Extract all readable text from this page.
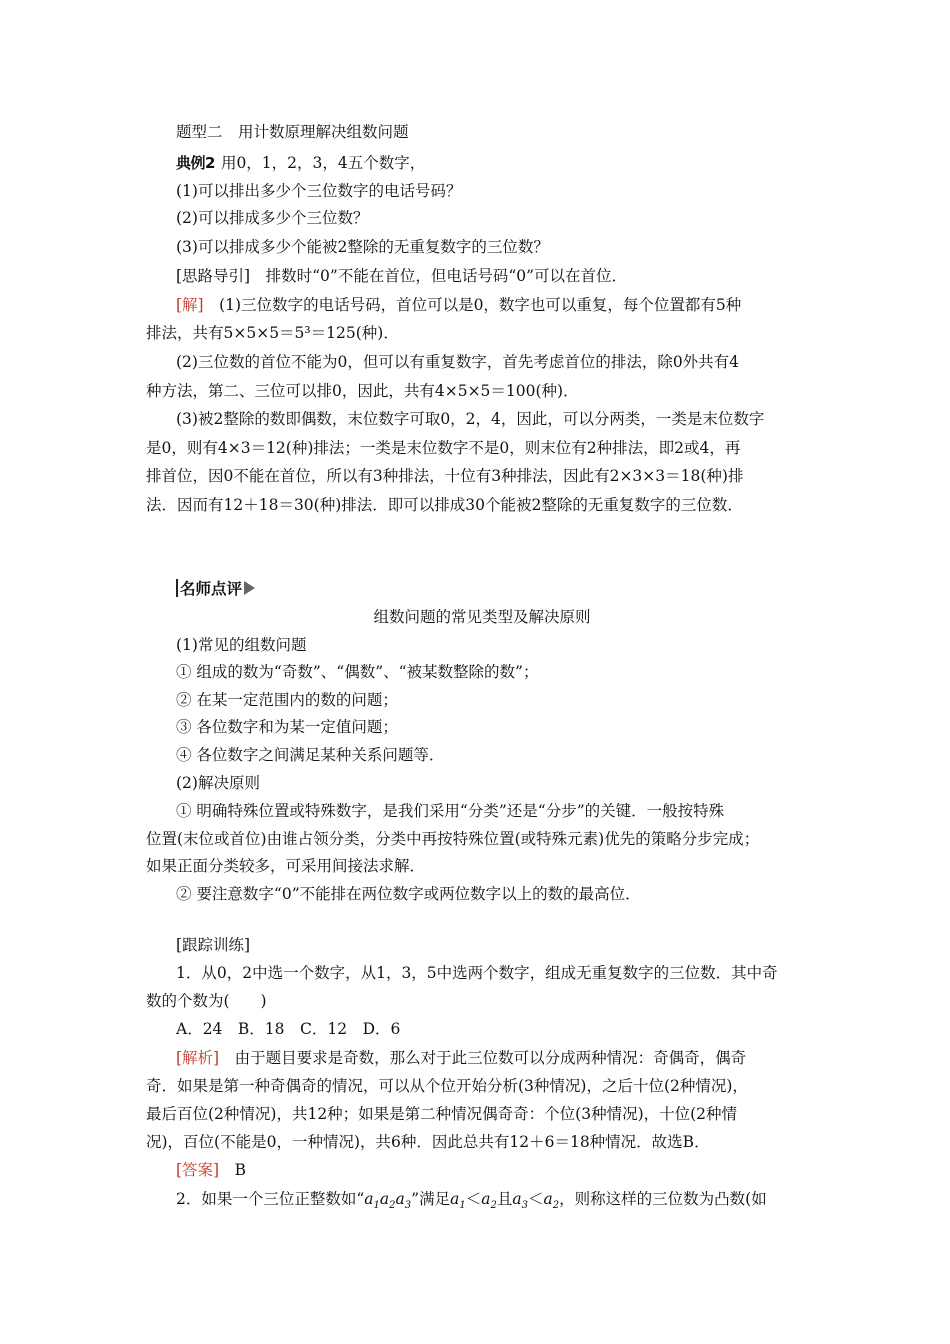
题型二　用计数原理解决组数问题
典例2 用0，1，2，3，4五个数字，
(1)可以排出多少个三位数字的电话号码？
(2)可以排成多少个三位数？
(3)可以排成多少个能被2整除的无重复数字的三位数？
[思路导引]　排数时“0”不能在首位，但电话号码“0”可以在首位．
[解]　(1)三位数字的电话号码，首位可以是0，数字也可以重复，每个位置都有5种
排法，共有5×5×5＝5³＝125(种)．
(2)三位数的首位不能为0，但可以有重复数字，首先考虑首位的排法，除0外共有4
种方法，第二、三位可以排0，因此，共有4×5×5＝100(种)．
(3)被2整除的数即偶数，末位数字可取0，2，4，因此，可以分两类，一类是末位数字
是0，则有4×3＝12(种)排法；一类是末位数字不是0，则末位有2种排法，即2或4，再
排首位，因0不能在首位，所以有3种排法，十位有3种排法，因此有2×3×3＝18(种)排
法．因而有12＋18＝30(种)排法．即可以排成30个能被2整除的无重复数字的三位数．
名师点评
组数问题的常见类型及解决原则
(1)常见的组数问题
① 组成的数为“奇数”、“偶数”、“被某数整除的数”；
② 在某一定范围内的数的问题；
③ 各位数字和为某一定值问题；
④ 各位数字之间满足某种关系问题等．
(2)解决原则
① 明确特殊位置或特殊数字，是我们采用“分类”还是“分步”的关键．一般按特殊
位置(末位或首位)由谁占领分类，分类中再按特殊位置(或特殊元素)优先的策略分步完成；
如果正面分类较多，可采用间接法求解．
② 要注意数字“0”不能排在两位数字或两位数字以上的数的最高位．
[跟踪训练]
1．从0，2中选一个数字，从1，3，5中选两个数字，组成无重复数字的三位数．其中奇
数的个数为(　　)
A．24　B．18　C．12　D．6
[解析]　由于题目要求是奇数，那么对于此三位数可以分成两种情况：奇偶奇，偶奇
奇．如果是第一种奇偶奇的情况，可以从个位开始分析(3种情况)，之后十位(2种情况)，
最后百位(2种情况)，共12种；如果是第二种情况偶奇奇：个位(3种情况)，十位(2种情
况)，百位(不能是0，一种情况)，共6种．因此总共有12＋6＝18种情况．故选B．
[答案]　B
2．如果一个三位正整数如“$a_1a_2a_3$”满足$a_1<a_2$且$a_3<a_2$，则称这样的三位数为凸数(如
